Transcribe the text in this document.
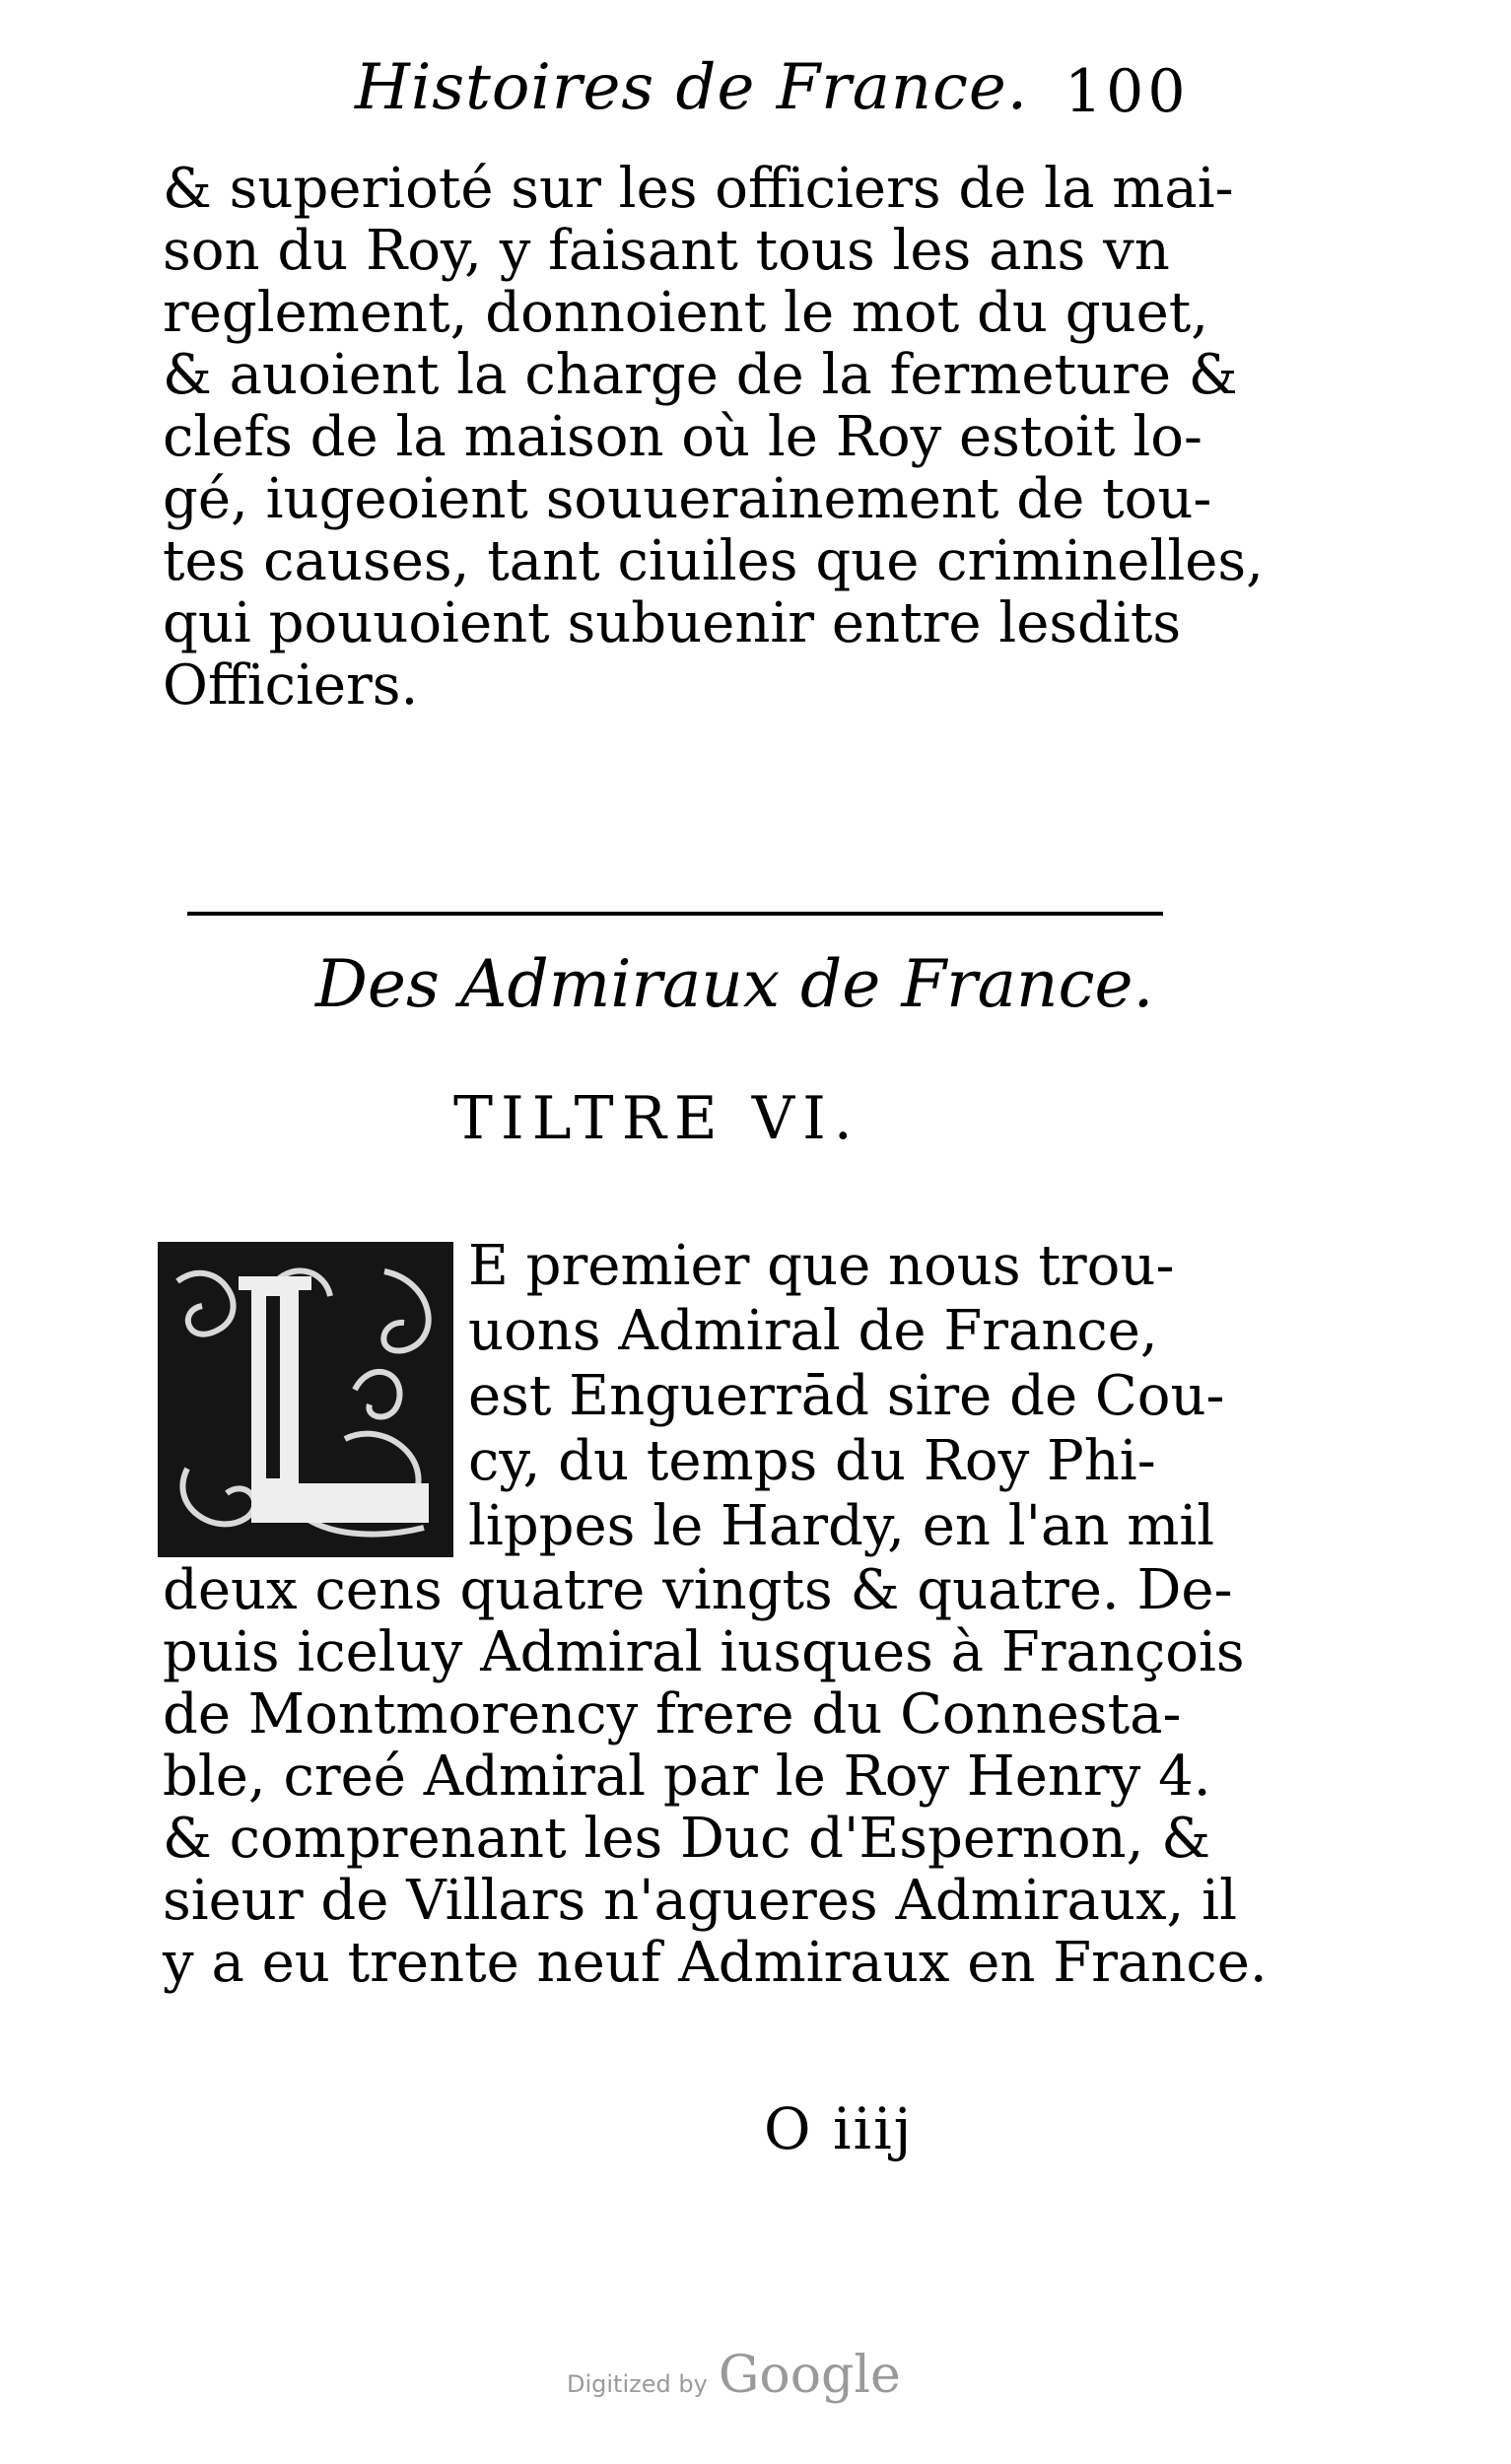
Histoires de France. 100
& superioté sur les officiers de la mai-
son du Roy, y faisant tous les ans vn
reglement, donnoient le mot du guet,
& auoient la charge de la fermeture &
clefs de la maison où le Roy estoit lo-
gé, iugeoient souuerainement de tou-
tes causes, tant ciuiles que criminelles,
qui pouuoient subuenir entre lesdits
Officiers.
Des Admiraux de France.
TILTRE VI.
E premier que nous trou-
uons Admiral de France,
est Enguerrād sire de Cou-
cy, du temps du Roy Phi-
lippes le Hardy, en l'an mil
deux cens quatre vingts & quatre. De-
puis iceluy Admiral iusques à François
de Montmorency frere du Connesta-
ble, creé Admiral par le Roy Henry 4.
& comprenant les Duc d'Espernon, &
sieur de Villars n'agueres Admiraux, il
y a eu trente neuf Admiraux en France.
O iiij
Digitized by Google
